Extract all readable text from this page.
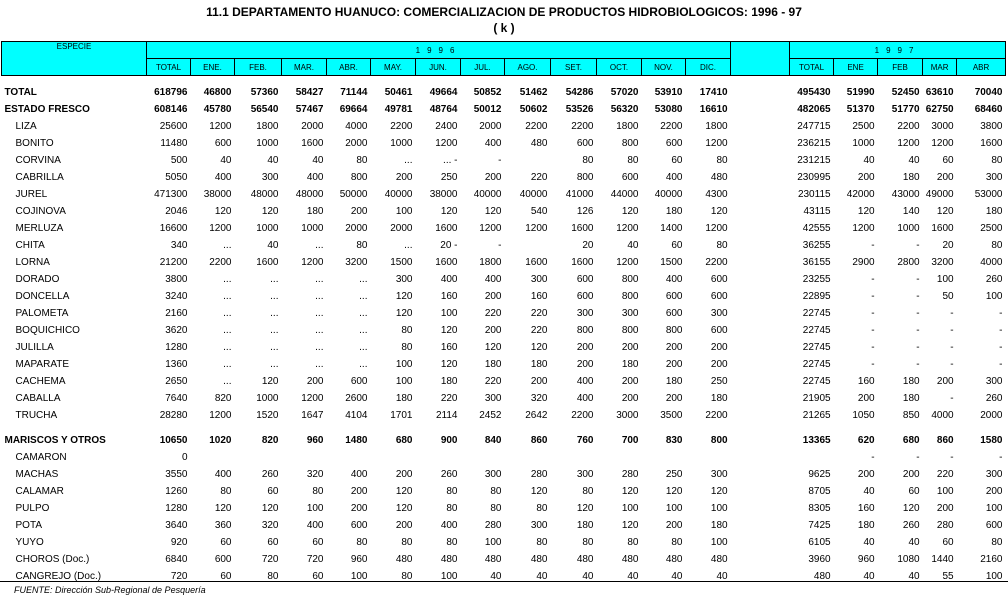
11.1 DEPARTAMENTO HUANUCO: COMERCIALIZACION DE PRODUCTOS HIDROBIOLOGICOS: 1996 - 97
( k )
ESPECIE	1996														1997				
	TOTAL	ENE.	FEB.	MAR.	ABR.	MAY.	JUN.	JUL.	AGO.	SET.	OCT.	NOV.	DIC.		TOTAL	ENE	FEB	MAR	ABR

TOTAL	618796	46800	57360	58427	71144	50461	49664	50852	51462	54286	57020	53910	17410		495430	51990	52450	63610	70040
ESTADO FRESCO	608146	45780	56540	57467	69664	49781	48764	50012	50602	53526	56320	53080	16610		482065	51370	51770	62750	68460
LIZA	25600	1200	1800	2000	4000	2200	2400	2000	2200	2200	1800	2200	1800		247715	2500	2200	3000	3800
BONITO	11480	600	1000	1600	2000	1000	1200	400	480	600	800	600	1200		236215	1000	1200	1200	1600
CORVINA	500	40	40	40	80	...	... -	-		80	80	60	80		231215	40	40	60	80
CABRILLA	5050	400	300	400	800	200	250	200	220	800	600	400	480		230995	200	180	200	300
JUREL	471300	38000	48000	48000	50000	40000	38000	40000	40000	41000	44000	40000	4300		230115	42000	43000	49000	53000
COJINOVA	2046	120	120	180	200	100	120	120	540	126	120	180	120		43115	120	140	120	180
MERLUZA	16600	1200	1000	1000	2000	2000	1600	1200	1200	1600	1200	1400	1200		42555	1200	1000	1600	2500
CHITA	340	...	40	...	80	...	20 -	-		20	40	60	80		36255	-	-	20	80
LORNA	21200	2200	1600	1200	3200	1500	1600	1800	1600	1600	1200	1500	2200		36155	2900	2800	3200	4000
DORADO	3800	...	...	...	...	300	400	400	300	600	800	400	600		23255	-	-	100	260
DONCELLA	3240	...	...	...	...	120	160	200	160	600	800	600	600		22895	-	-	50	100
PALOMETA	2160	...	...	...	...	120	100	220	220	300	300	600	300		22745	-	-	-	-
BOQUICHICO	3620	...	...	...	...	80	120	200	220	800	800	800	600		22745	-	-	-	-
JULILLA	1280	...	...	...	...	80	160	120	120	200	200	200	200		22745	-	-	-	-
MAPARATE	1360	...	...	...	...	100	120	180	180	200	180	200	200		22745	-	-	-	-
CACHEMA	2650	...	120	200	600	100	180	220	200	400	200	180	250		22745	160	180	200	300
CABALLA	7640	820	1000	1200	2600	180	220	300	320	400	200	200	180		21905	200	180	-	260
TRUCHA	28280	1200	1520	1647	4104	1701	2114	2452	2642	2200	3000	3500	2200		21265	1050	850	4000	2000

MARISCOS Y OTROS	10650	1020	820	960	1480	680	900	840	860	760	700	830	800		13365	620	680	860	1580
CAMARON	0															-	-	-	-
MACHAS	3550	400	260	320	400	200	260	300	280	300	280	250	300		9625	200	200	220	300
CALAMAR	1260	80	60	80	200	120	80	80	120	80	120	120	120		8705	40	60	100	200
PULPO	1280	120	120	100	200	120	80	80	80	120	100	100	100		8305	160	120	200	100
POTA	3640	360	320	400	600	200	400	280	300	180	120	200	180		7425	180	260	280	600
YUYO	920	60	60	60	80	80	80	100	80	80	80	80	100		6105	40	40	60	80
CHOROS (Doc.)	6840	600	720	720	960	480	480	480	480	480	480	480	480		3960	960	1080	1440	2160
CANGREJO (Doc.)	720	60	80	60	100	80	100	40	40	40	40	40	40		480	40	40	55	100
FUENTE: Dirección Sub-Regional de Pesquería
